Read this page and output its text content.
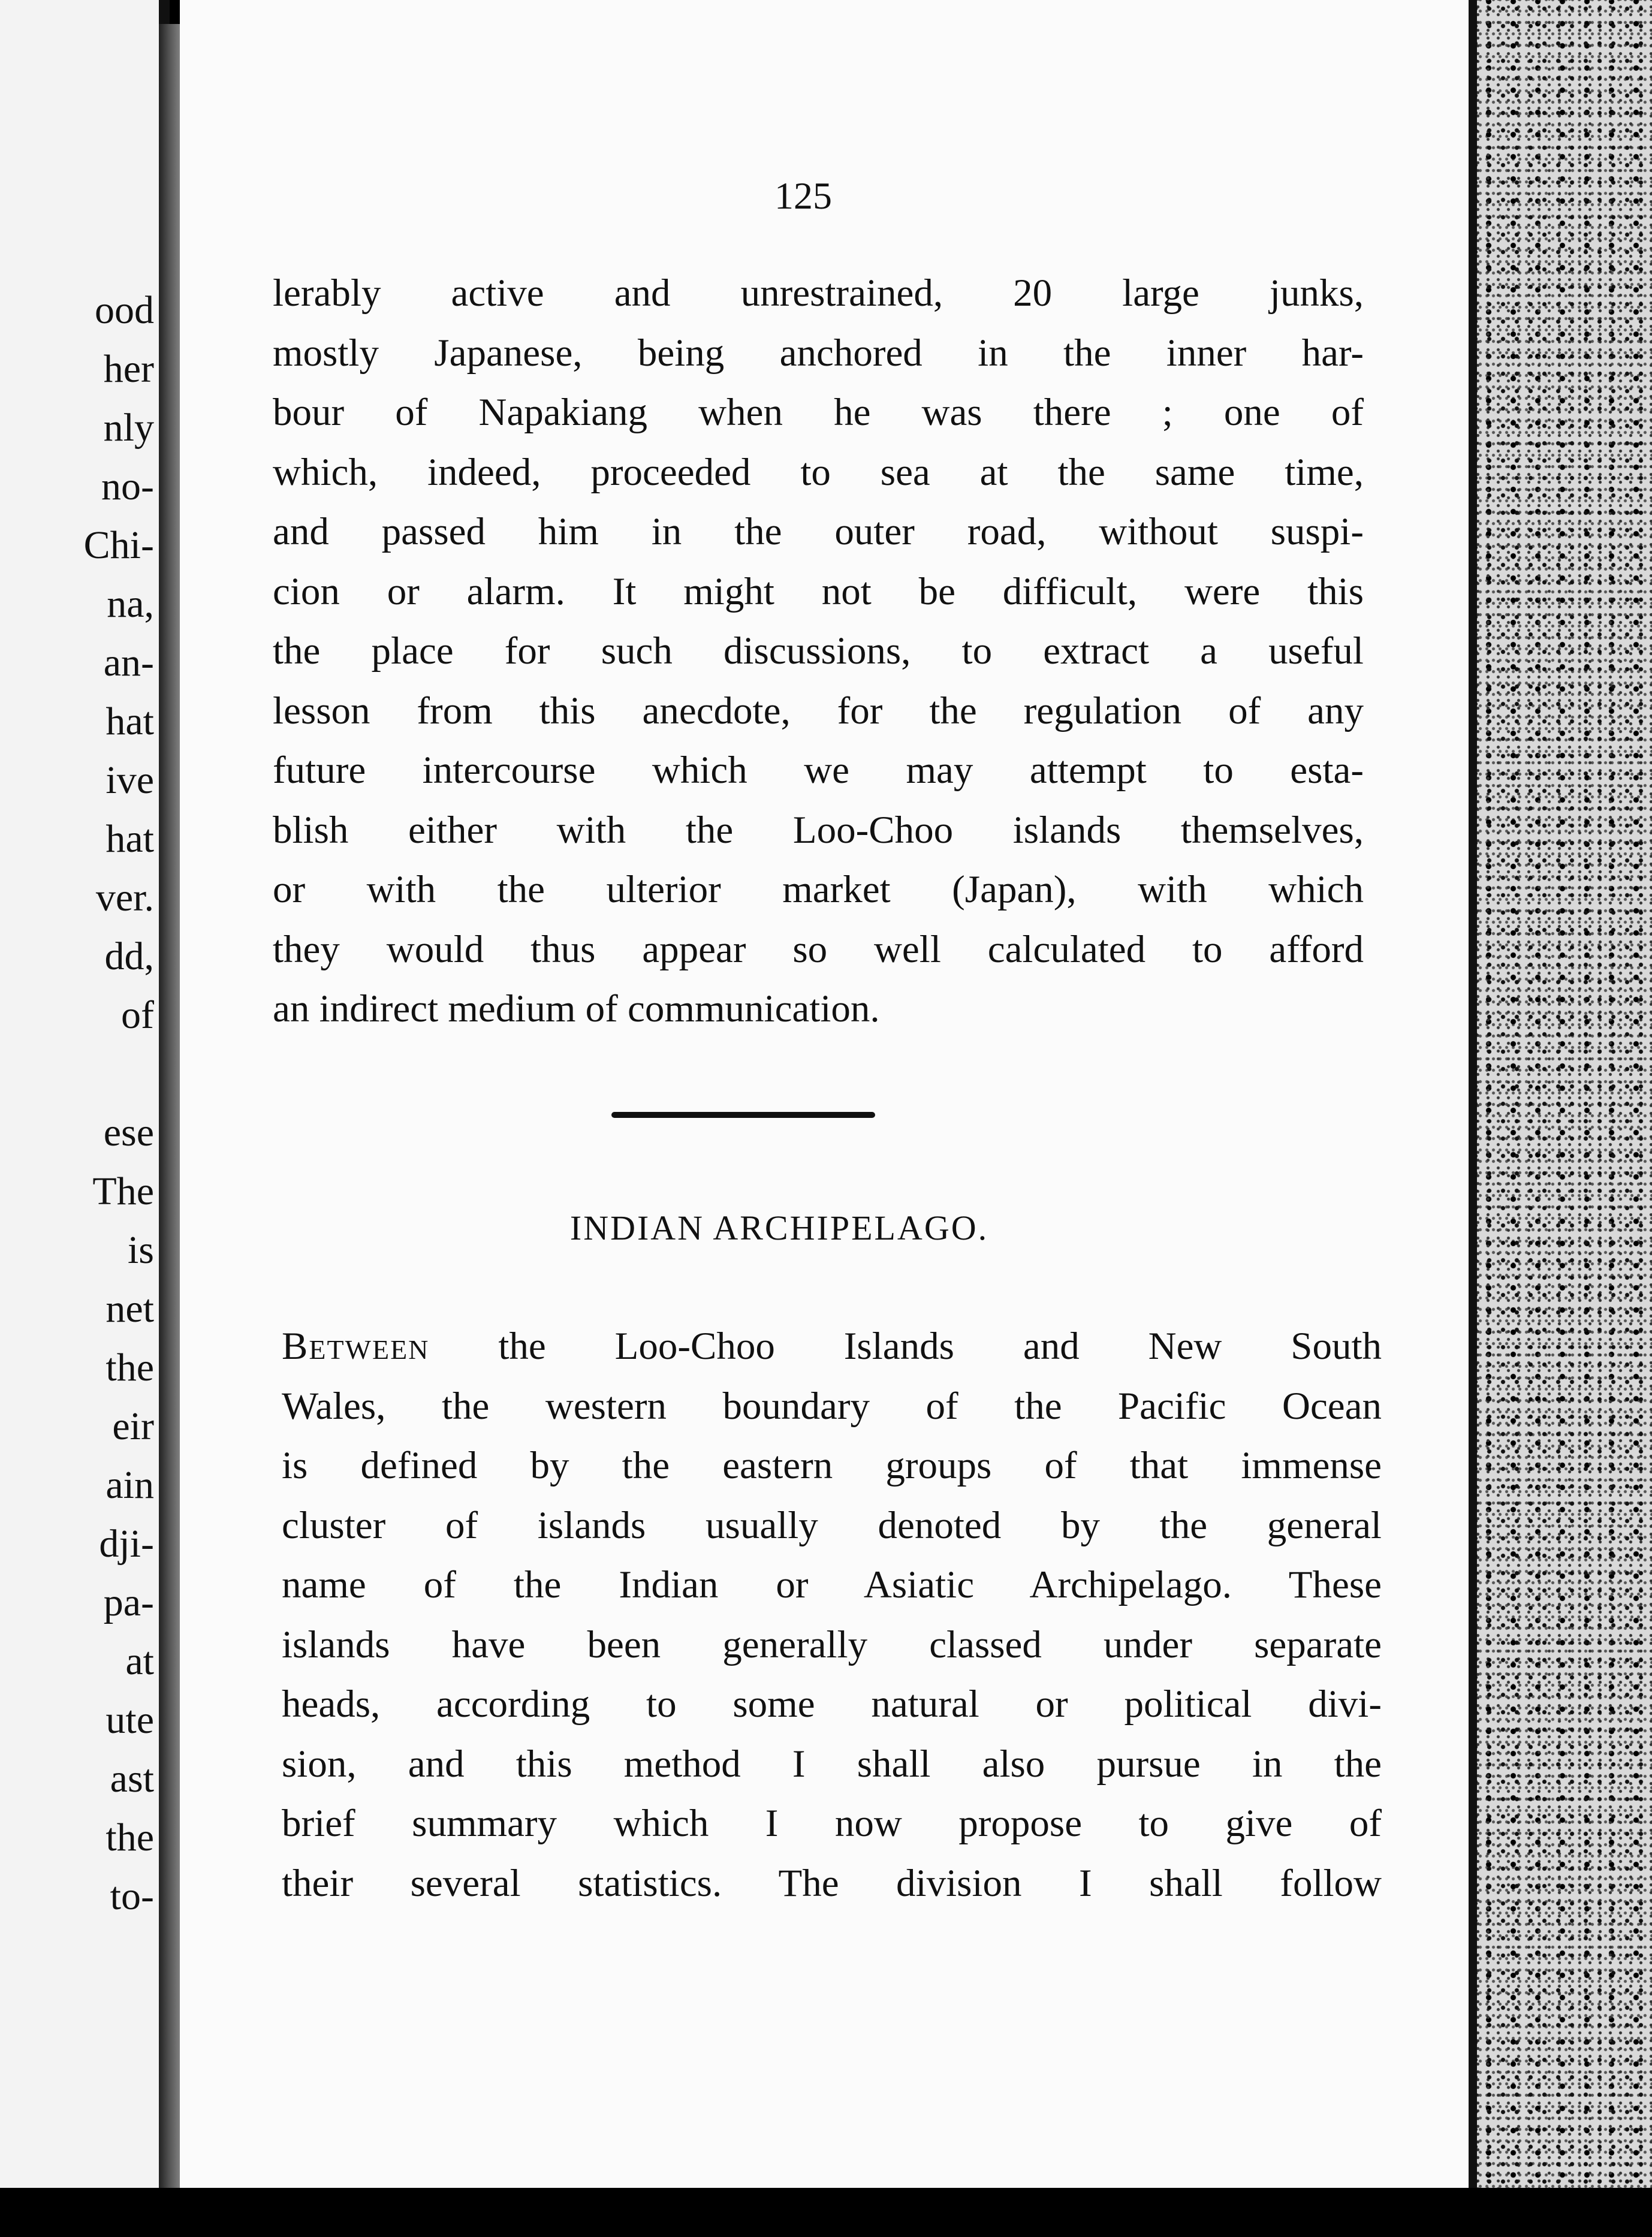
ood
her
nly
no-
Chi-
na,
an-
hat
ive
hat
ver.
dd,
of
ese
The
is
net
the
eir
ain
dji-
pa-
at
ute
ast
the
to-
125
lerably active and unrestrained, 20 large junks,
mostly Japanese, being anchored in the inner har-
bour of Napakiang when he was there ; one of
which, indeed, proceeded to sea at the same time,
and passed him in the outer road, without suspi-
cion or alarm. It might not be difficult, were this
the place for such discussions, to extract a useful
lesson from this anecdote, for the regulation of any
future intercourse which we may attempt to esta-
blish either with the Loo-Choo islands themselves,
or with the ulterior market (Japan), with which
they would thus appear so well calculated to afford
an indirect medium of communication.
INDIAN ARCHIPELAGO.
Between the Loo-Choo Islands and New South
Wales, the western boundary of the Pacific Ocean
is defined by the eastern groups of that immense
cluster of islands usually denoted by the general
name of the Indian or Asiatic Archipelago. These
islands have been generally classed under separate
heads, according to some natural or political divi-
sion, and this method I shall also pursue in the
brief summary which I now propose to give of
their several statistics. The division I shall follow
